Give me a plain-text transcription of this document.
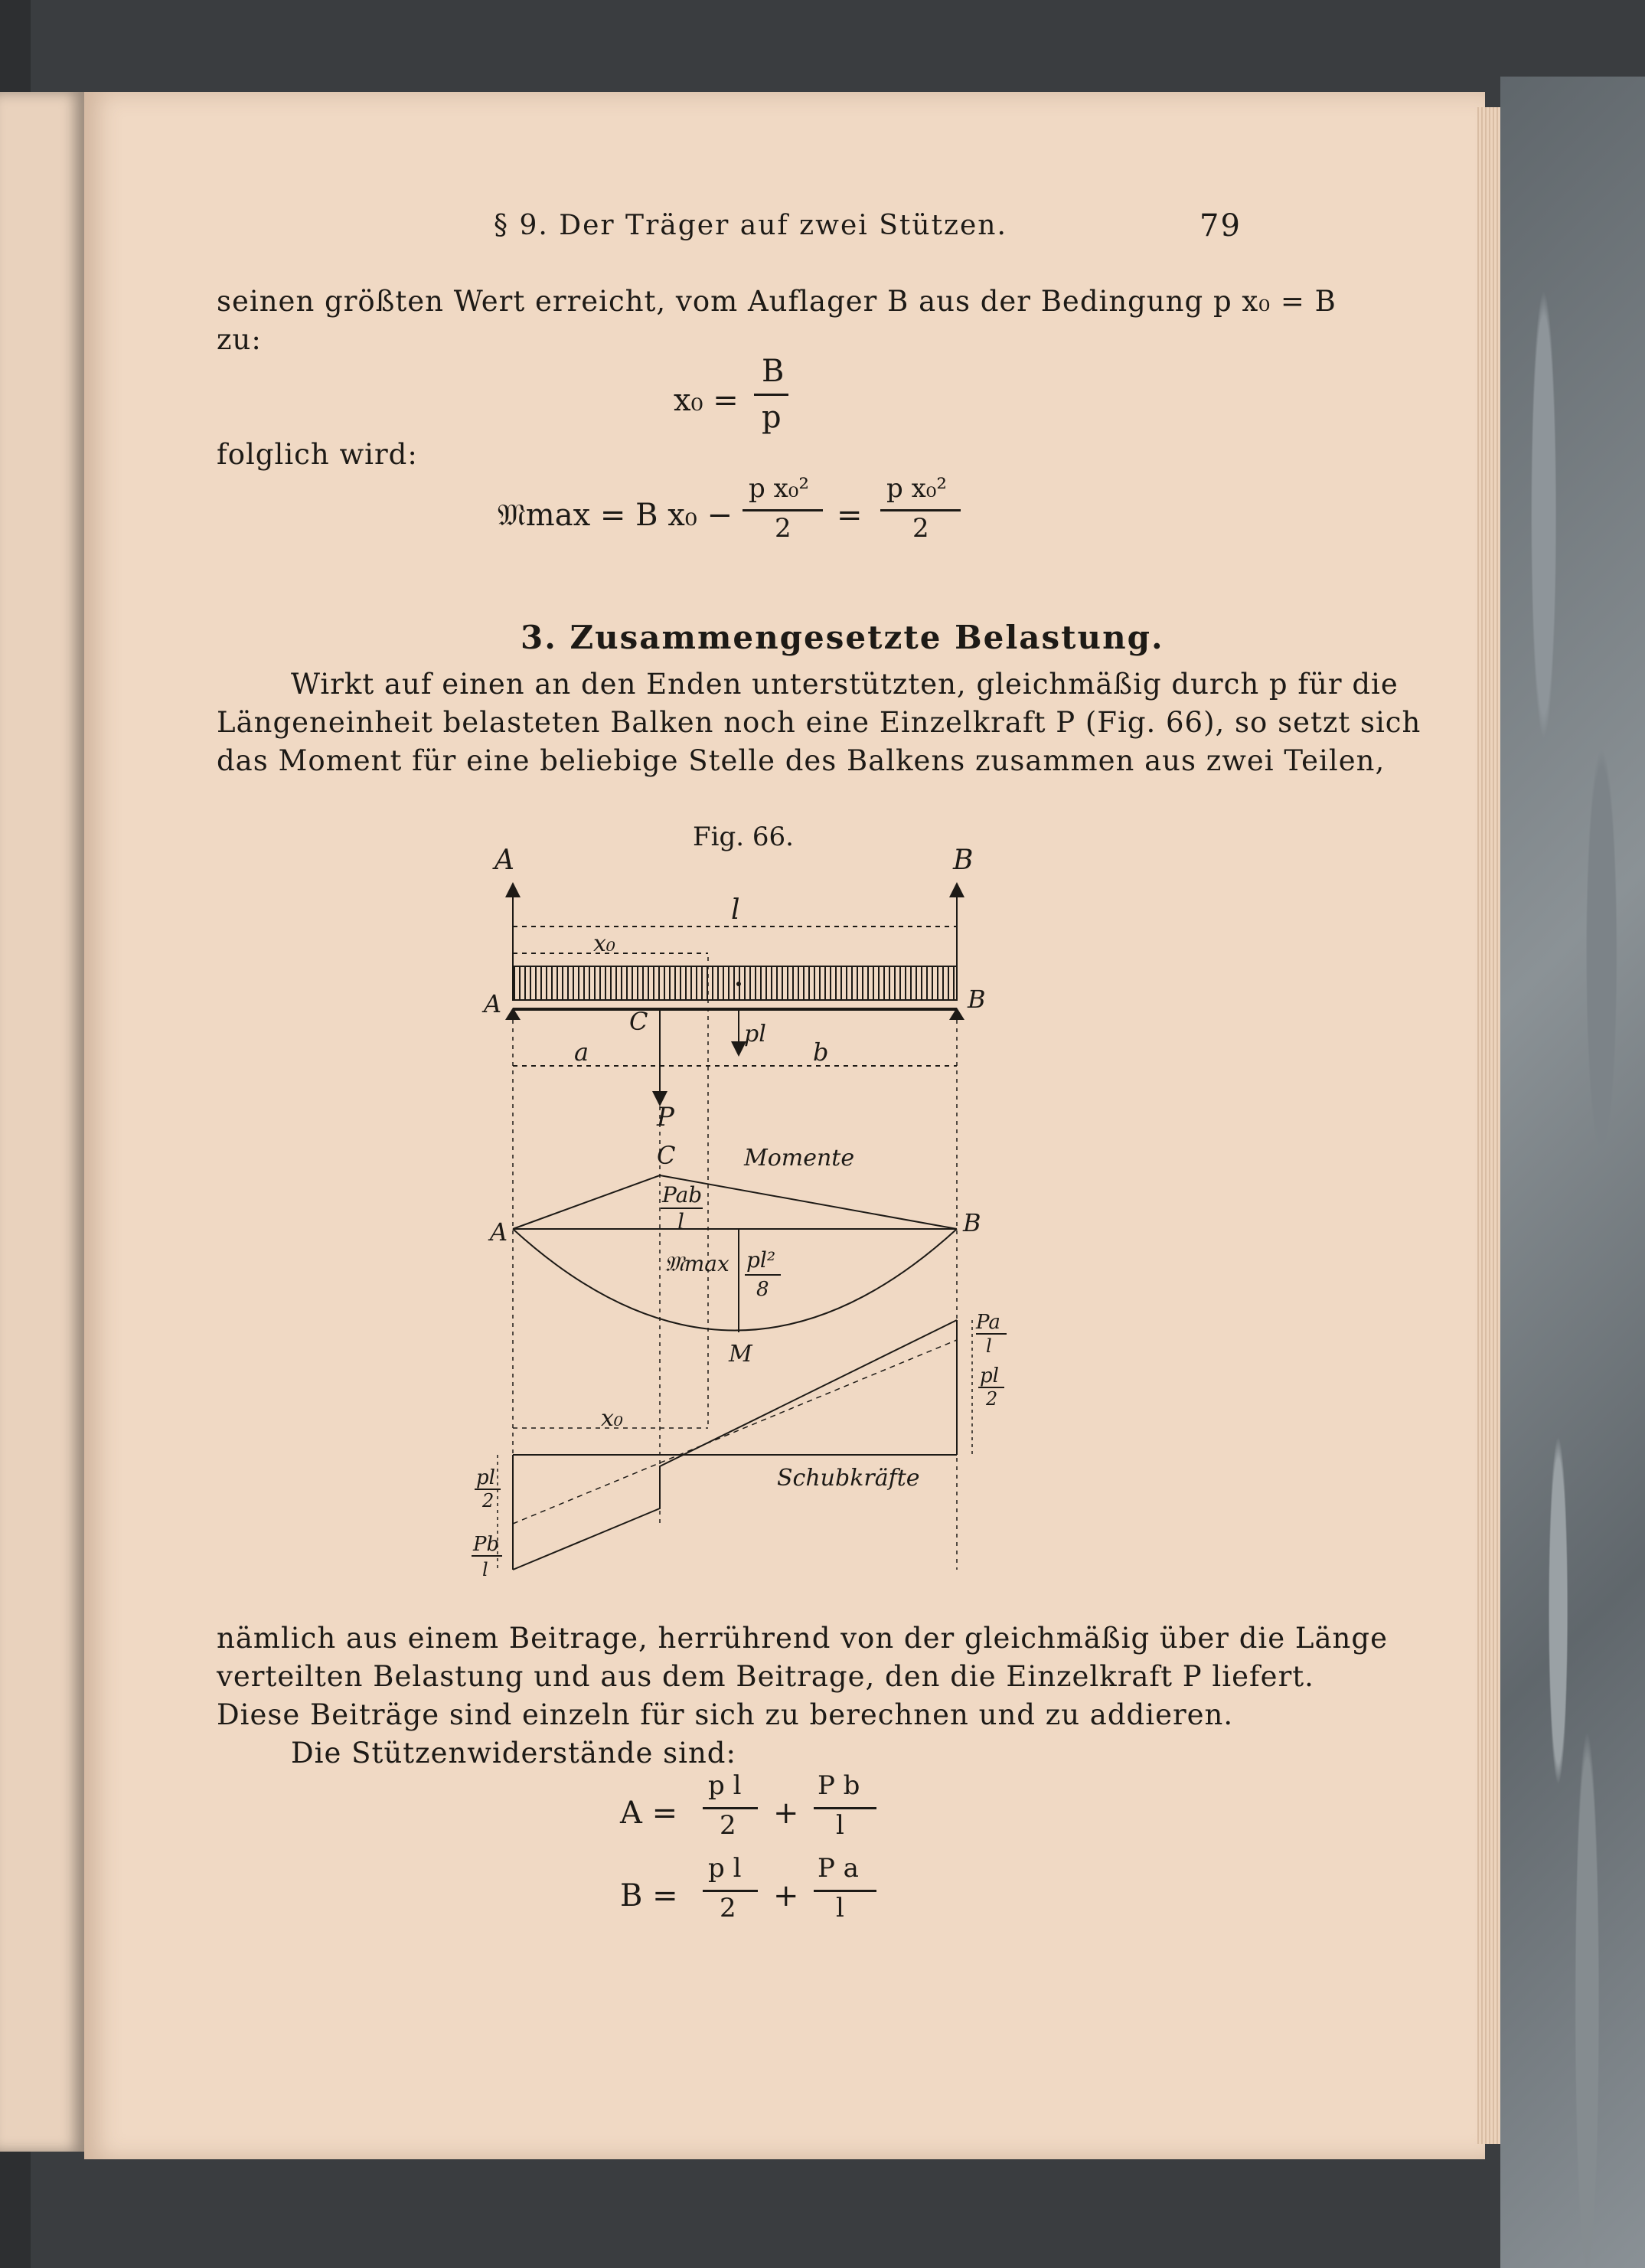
§ 9. Der Träger auf zwei Stützen.	79
seinen größten Wert erreicht, vom Auflager B aus der Bedingung p x₀ = B
zu:
x₀ =
B
p
folglich wird:
𝔐max = B x₀ −
p x₀²
2 =
p x₀²
2
3. Zusammengesetzte Belastung.
Wirkt auf einen an den Enden unterstützten, gleichmäßig durch p für die
Längeneinheit belasteten Balken noch eine Einzelkraft P (Fig. 66), so setzt sich
das Moment für eine beliebige Stelle des Balkens zusammen aus zwei Teilen,
Fig. 66.
A	B
l
x₀
A	B
C	pl
a	b
P
C	Momente
A	B
Pab
l
𝔐max pl²
8
M
Pa
l
pl
2
x₀
Schubkräfte
pl
2
Pb
l
nämlich aus einem Beitrage, herrührend von der gleichmäßig über die Länge
verteilten Belastung und aus dem Beitrage, den die Einzelkraft P liefert.
Diese Beiträge sind einzeln für sich zu berechnen und zu addieren.
Die Stützenwiderstände sind:
A =
p l
2 +
P b
l
B =
p l
2 +
P a
l
